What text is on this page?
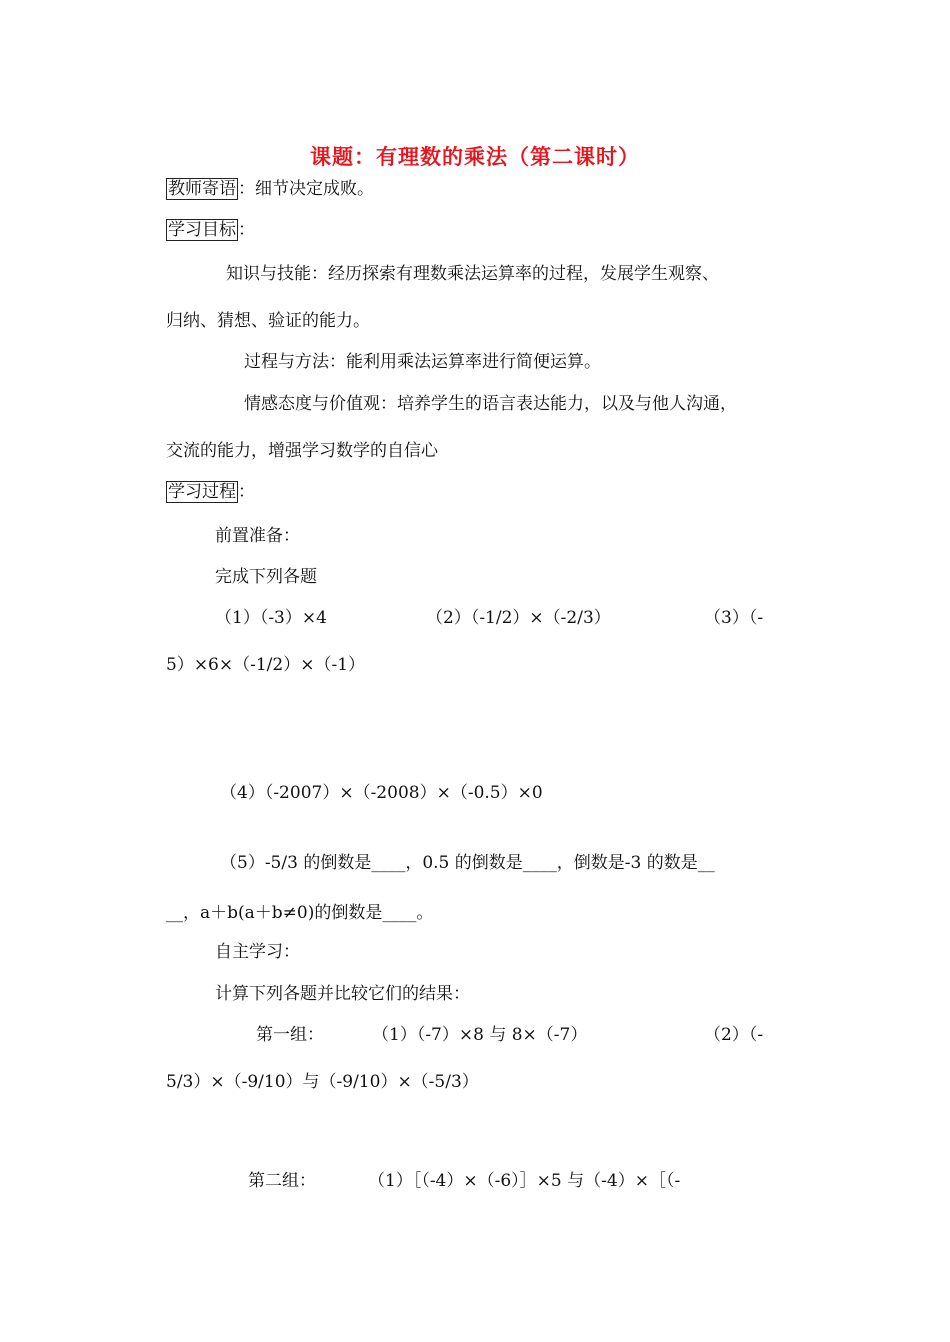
课题：有理数的乘法（第二课时）
教师寄语 ：细节决定成败。
学习目标 ：
知识与技能：经历探索有理数乘法运算率的过程，发展学生观察、
归纳、猜想、验证的能力。
过程与方法：能利用乘法运算率进行简便运算。
情感态度与价值观：培养学生的语言表达能力，以及与他人沟通，
交流的能力，增强学习数学的自信心
学习过程 ：
前置准备：
完成下列各题
（1）（-3）×4	（2）（-1/2）×（-2/3）	（3）（-
5）×6×（-1/2）×（-1）
（4）（-2007）×（-2008）×（-0.5）×0
（5）-5/3 的倒数是____，0.5 的倒数是____，倒数是-3 的数是__
__，a＋b(a＋b≠0)的倒数是____。
自主学习：
计算下列各题并比较它们的结果：
第一组：	（1）（-7）×8 与 8×（-7）	（2）（-
5/3）×（-9/10）与（-9/10）×（-5/3）
第二组：	（1）［（-4）×（-6）］×5 与（-4）×［（-
